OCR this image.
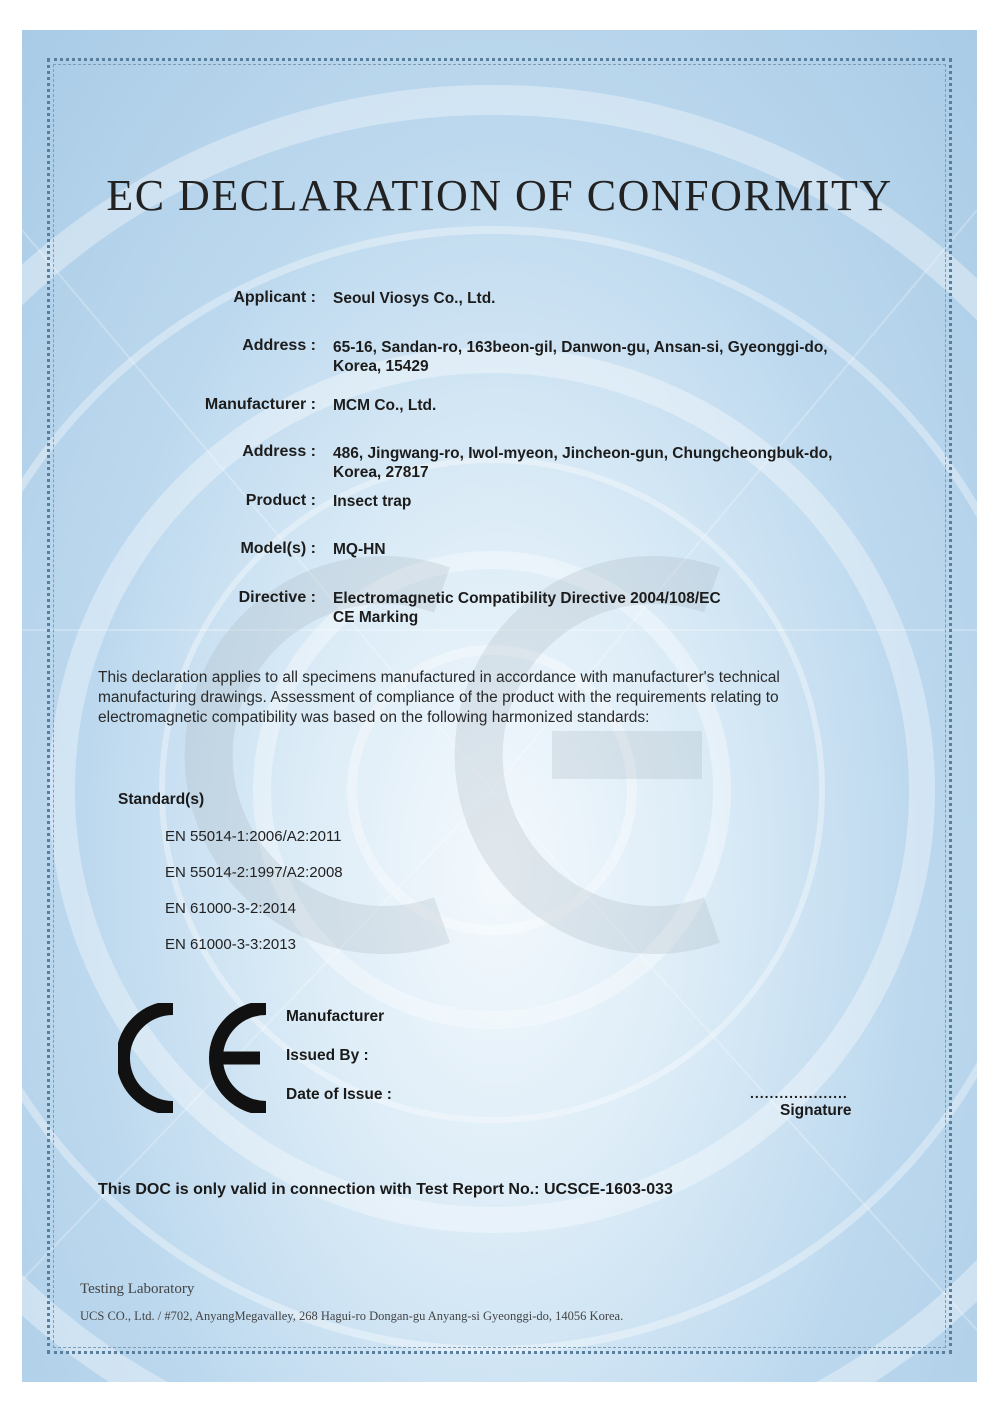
EC DECLARATION OF CONFORMITY
Applicant : Seoul Viosys Co., Ltd.
Address : 65-16, Sandan-ro, 163beon-gil, Danwon-gu, Ansan-si, Gyeonggi-do, Korea, 15429
Manufacturer : MCM Co., Ltd.
Address : 486, Jingwang-ro, Iwol-myeon, Jincheon-gun, Chungcheongbuk-do, Korea, 27817
Product : Insect trap
Model(s) : MQ-HN
Directive : Electromagnetic Compatibility Directive 2004/108/EC
CE Marking
This declaration applies to all specimens manufactured in accordance with manufacturer's technical manufacturing drawings. Assessment of compliance of the product with the requirements relating to electromagnetic compatibility was based on the following harmonized standards:
Standard(s)
EN 55014-1:2006/A2:2011
EN 55014-2:1997/A2:2008
EN 61000-3-2:2014
EN 61000-3-3:2013
Manufacturer
Issued By :
Date of Issue :	....................
Signature
This DOC is only valid in connection with Test Report No.: UCSCE-1603-033
Testing Laboratory
UCS CO., Ltd. / #702, AnyangMegavalley, 268 Hagui-ro Dongan-gu Anyang-si Gyeonggi-do, 14056 Korea.
